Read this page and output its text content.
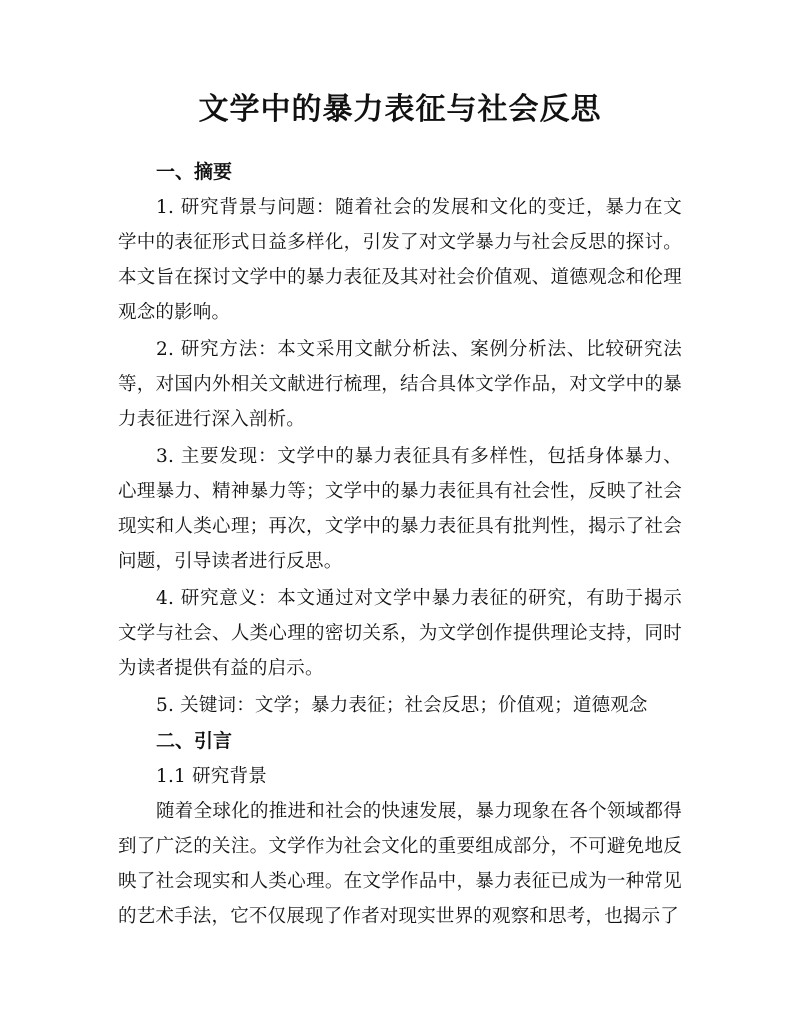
文学中的暴力表征与社会反思
一、摘要

1. 研究背景与问题：随着社会的发展和文化的变迁，暴力在文学中的表征形式日益多样化，引发了对文学暴力与社会反思的探讨。本文旨在探讨文学中的暴力表征及其对社会价值观、道德观念和伦理观念的影响。

2. 研究方法：本文采用文献分析法、案例分析法、比较研究法等，对国内外相关文献进行梳理，结合具体文学作品，对文学中的暴力表征进行深入剖析。

3. 主要发现：文学中的暴力表征具有多样性，包括身体暴力、心理暴力、精神暴力等；文学中的暴力表征具有社会性，反映了社会现实和人类心理；再次，文学中的暴力表征具有批判性，揭示了社会问题，引导读者进行反思。

4. 研究意义：本文通过对文学中暴力表征的研究，有助于揭示文学与社会、人类心理的密切关系，为文学创作提供理论支持，同时为读者提供有益的启示。

5. 关键词：文学；暴力表征；社会反思；价值观；道德观念

二、引言

1.1 研究背景

随着全球化的推进和社会的快速发展，暴力现象在各个领域都得到了广泛的关注。文学作为社会文化的重要组成部分，不可避免地反映了社会现实和人类心理。在文学作品中，暴力表征已成为一种常见的艺术手法，它不仅展现了作者对现实世界的观察和思考，也揭示了
